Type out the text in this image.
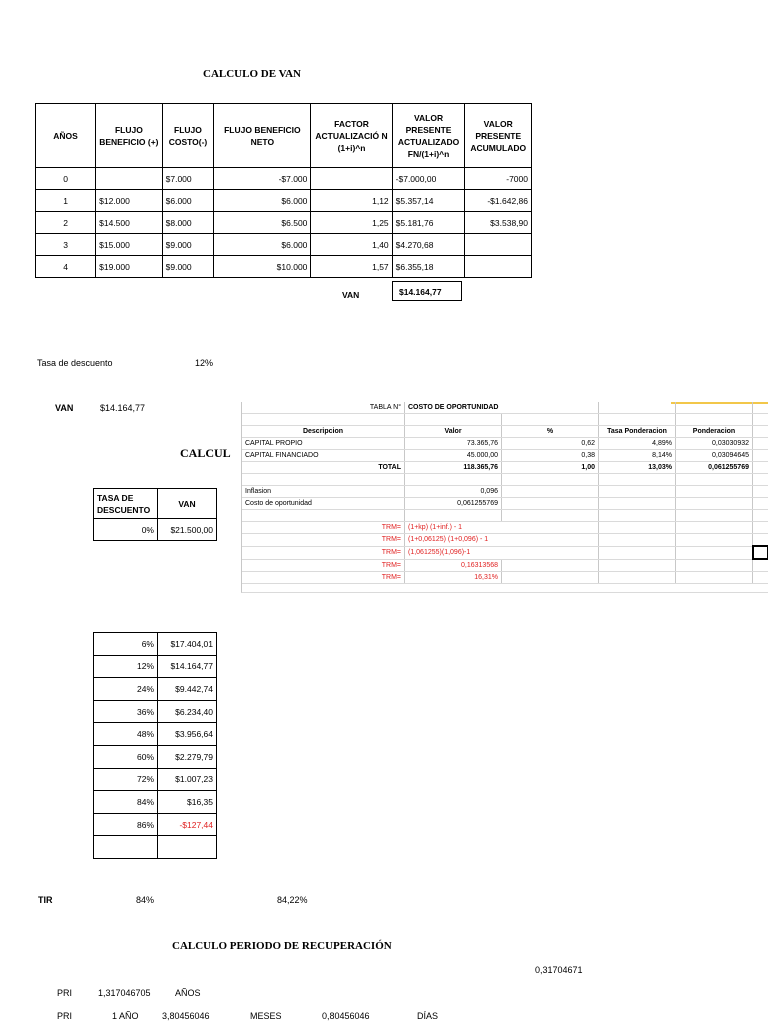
CALCULO DE VAN
AÑOS	FLUJO BENEFICIO (+)	FLUJO COSTO(-)	FLUJO BENEFICIO NETO	FACTOR ACTUALIZACIÓ N (1+i)^n	VALOR PRESENTE ACTUALIZADO FN/(1+i)^n	VALOR PRESENTE ACUMULADO
0		$7.000	-$7.000		-$7.000,00	-7000
1	$12.000	$6.000	$6.000	1,12	$5.357,14	-$1.642,86
2	$14.500	$8.000	$6.500	1,25	$5.181,76	$3.538,90
3	$15.000	$9.000	$6.000	1,40	$4.270,68	
4	$19.000	$9.000	$10.000	1,57	$6.355,18	
VAN	$14.164,77
Tasa de descuento	12%
VAN	$14.164,77
CALCUL
TASA DE DESCUENTO	VAN
0%	$21.500,00
TABLA N°	COSTO DE OPORTUNIDAD				

Descripcion	Valor	%	Tasa Ponderacion	Ponderacion	
CAPITAL PROPIO	73.365,76	0,62	4,89%	0,03030932	
CAPITAL FINANCIADO	45.000,00	0,38	8,14%	0,03094645	
TOTAL	118.365,76	1,00	13,03%	0,061255769	

Inflasion	0,096				
Costo de oportunidad	0,061255769				

TRM=	(1+kp) (1+inf.) - 1				
TRM=	(1+0,06125) (1+0,096) - 1				
TRM=	(1,061255)(1,096)-1				
TRM=	0,16313568				
TRM=	16,31%				
6%	$17.404,01
12%	$14.164,77
24%	$9.442,74
36%	$6.234,40
48%	$3.956,64
60%	$2.279,79
72%	$1.007,23
84%	$16,35
86%	-$127,44

TIR	84%	84,22%
CALCULO PERIODO DE RECUPERACIÓN
0,31704671
PRI	1,317046705	AÑOS
PRI	1 AÑO	3,80456046	MESES	0,80456046	DÍAS
